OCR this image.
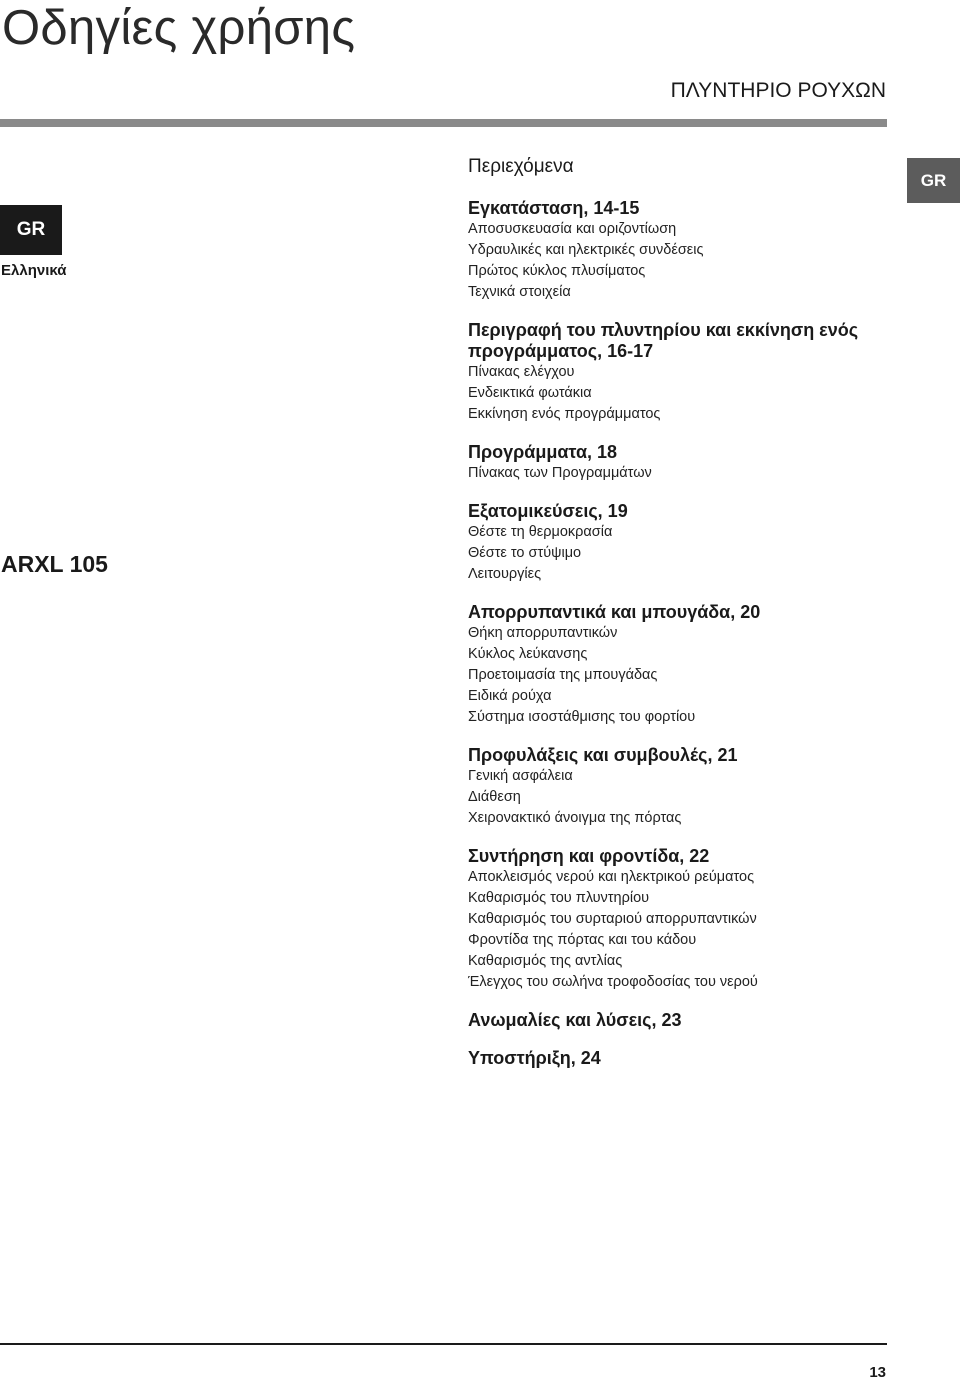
Οδηγίες χρήσης
ΠΛΥΝΤΗΡΙΟ ΡΟΥΧΩΝ
GR
GR
Ελληνικά
ARXL 105
Περιεχόμενα
Εγκατάσταση, 14-15
Αποσυσκευασία και οριζοντίωση
Υδραυλικές και ηλεκτρικές συνδέσεις
Πρώτος κύκλος πλυσίματος
Τεχνικά στοιχεία
Περιγραφή του πλυντηρίου και εκκίνηση ενός προγράμματος, 16-17
Πίνακας ελέγχου
Ενδεικτικά φωτάκια
Εκκίνηση ενός προγράμματος
Προγράμματα, 18
Πίνακας των Προγραμμάτων
Εξατομικεύσεις, 19
Θέστε τη θερμοκρασία
Θέστε το στύψιμο
Λειτουργίες
Απορρυπαντικά και μπουγάδα, 20
Θήκη απορρυπαντικών
Κύκλος λεύκανσης
Προετοιμασία της μπουγάδας
Ειδικά ρούχα
Σύστημα ισοστάθμισης του φορτίου
Προφυλάξεις και συμβουλές, 21
Γενική ασφάλεια
Διάθεση
Χειρονακτικό άνοιγμα της πόρτας
Συντήρηση και φροντίδα, 22
Αποκλεισμός νερού και ηλεκτρικού ρεύματος
Καθαρισμός του πλυντηρίου
Καθαρισμός του συρταριού απορρυπαντικών
Φροντίδα της πόρτας και του κάδου
Καθαρισμός της αντλίας
Έλεγχος του σωλήνα τροφοδοσίας του νερού
Ανωμαλίες και λύσεις, 23
Υποστήριξη, 24
13
